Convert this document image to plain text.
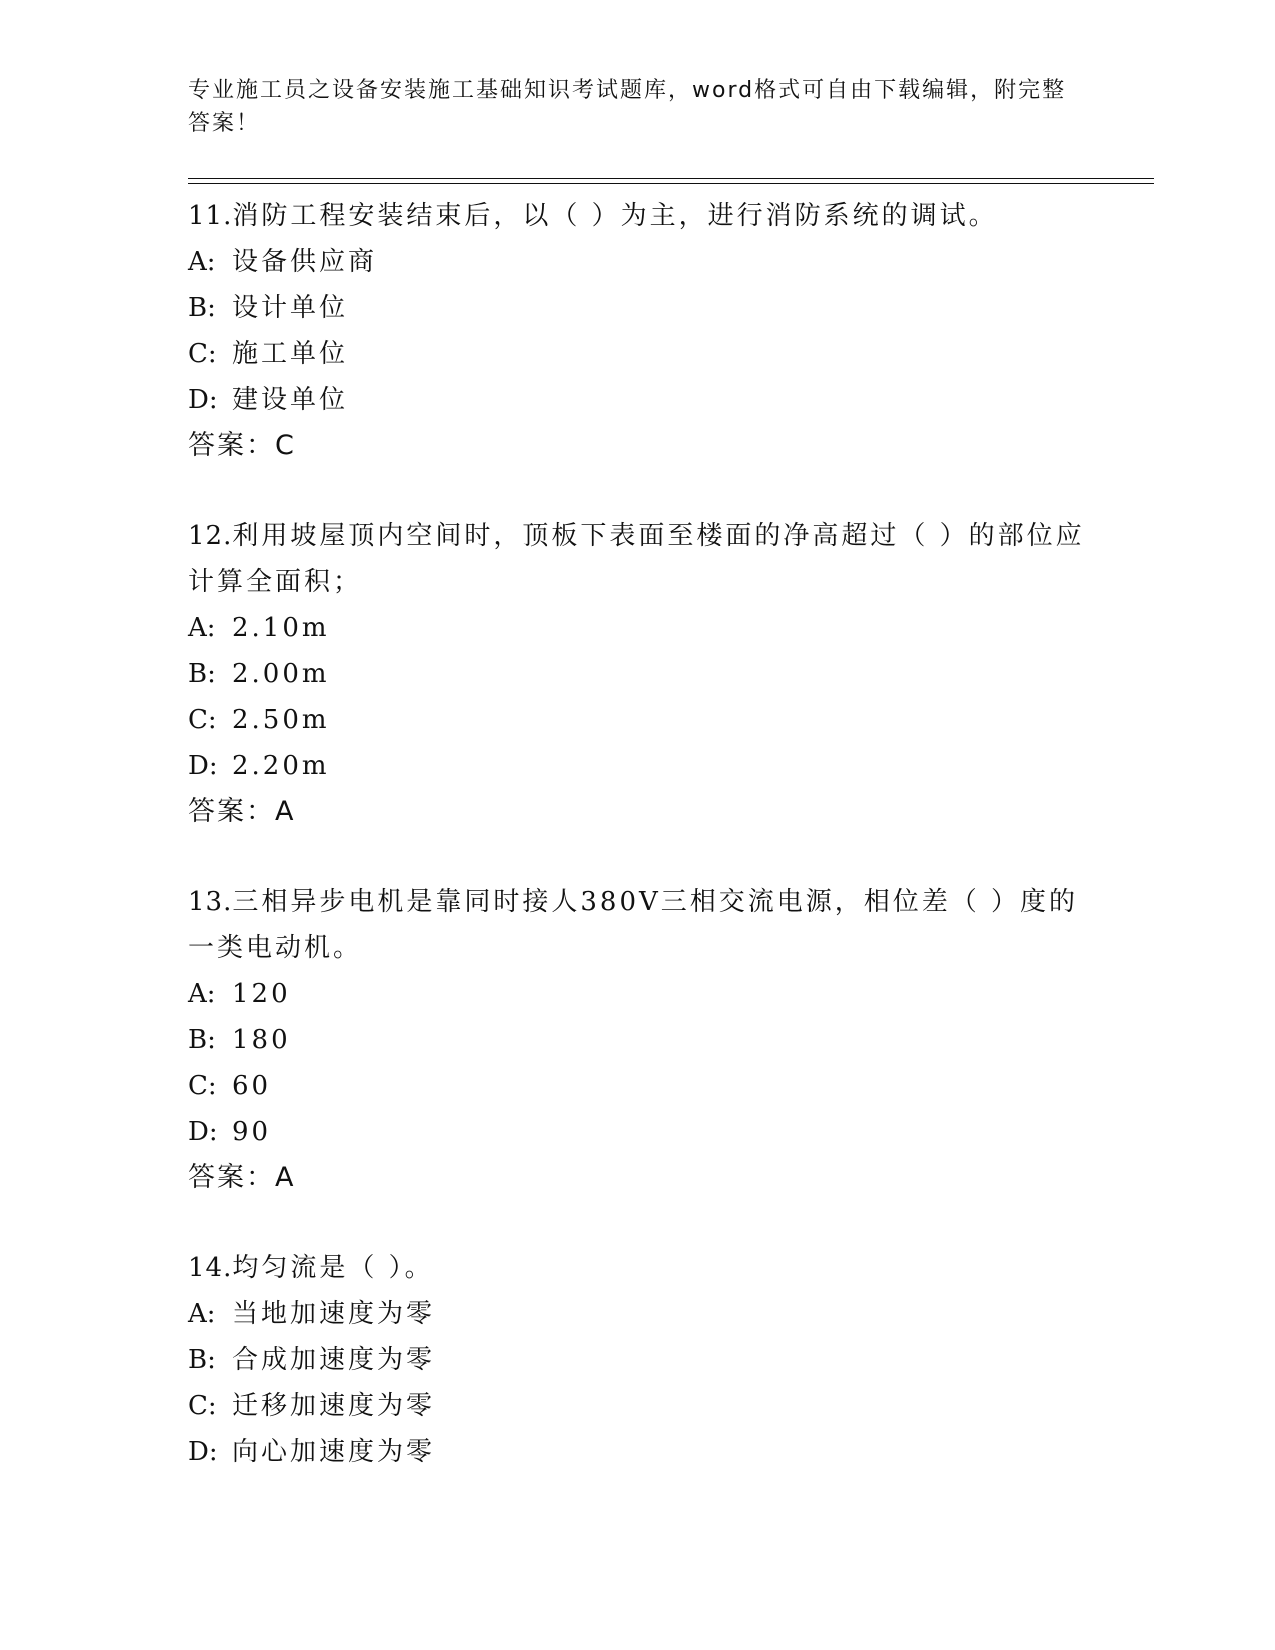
专业施工员之设备安装施工基础知识考试题库，word格式可自由下载编辑，附完整答案！

11.消防工程安装结束后，以（ ）为主，进行消防系统的调试。

A: 设备供应商
B: 设计单位
C: 施工单位
D: 建设单位

答案：C

12.利用坡屋顶内空间时，顶板下表面至楼面的净高超过（ ）的部位应计算全面积；

A: 2.10m
B: 2.00m
C: 2.50m
D: 2.20m

答案：A

13.三相异步电机是靠同时接人380V三相交流电源，相位差（ ）度的一类电动机。

A: 120
B: 180
C: 60
D: 90

答案：A

14.均匀流是（ ）。

A: 当地加速度为零
B: 合成加速度为零
C: 迁移加速度为零
D: 向心加速度为零
